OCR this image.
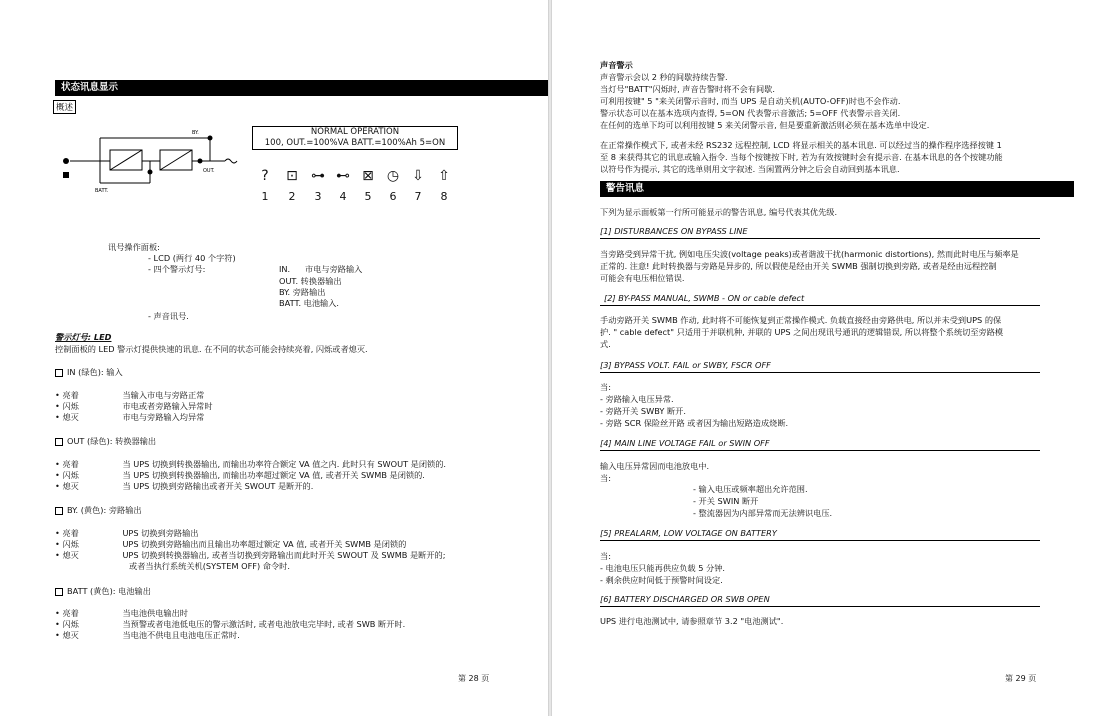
状态讯息显示
概述
BY.
OUT.
BATT.
NORMAL OPERATION
100, OUT.=100%VA BATT.=100%Ah 5=ON
?	⊡ ⊶ ⊷ ⊠ ◷ ⇩ ⇧
1	2	3	4	5	6	7	8
讯号操作面板:
- LCD (两行 40 个字符)
- 四个警示灯号:	IN. 市电与旁路输入
OUT. 转换器输出
BY. 旁路输出
BATT. 电池输入.
- 声音讯号.
警示灯号: LED
控制面板的 LED 警示灯提供快速的讯息. 在不同的状态可能会持续亮着, 闪烁或者熄灭.
IN (绿色): 输入
• 亮着	当输入市电与旁路正常
• 闪烁	市电或者旁路输入异常时
• 熄灭	市电与旁路输入均异常
OUT (绿色): 转换器输出
• 亮着	当 UPS 切换到转换器输出, 而输出功率符合额定 VA 值之内. 此时只有 SWOUT 是闭锁的.
• 闪烁	当 UPS 切换到转换器输出, 而输出功率超过额定 VA 值, 或者开关 SWMB 是闭锁的.
• 熄灭	当 UPS 切换到旁路输出或者开关 SWOUT 是断开的.
BY. (黄色): 旁路输出
• 亮着	UPS 切换到旁路输出
• 闪烁	UPS 切换到旁路输出而且输出功率超过额定 VA 值, 或者开关 SWMB 是闭锁的
• 熄灭	UPS 切换到转换器输出, 或者当切换到旁路输出而此时开关 SWOUT 及 SWMB 是断开的;
或者当执行系统关机(SYSTEM OFF) 命令时.
BATT (黄色): 电池输出
• 亮着	当电池供电输出时
• 闪烁	当预警或者电池低电压的警示激活时, 或者电池放电完毕时, 或者 SWB 断开时.
• 熄灭	当电池不供电且电池电压正常时.
第 28 页
声音警示
声音警示会以 2 秒的间歇持续告警.
当灯号"BATT"闪烁时, 声音告警时将不会有间歇.
可利用按键" 5 "来关闭警示音时, 而当 UPS 是自动关机(AUTO-OFF)时也不会作动.
警示状态可以在基本选项内查得, 5=ON 代表警示音激活; 5=OFF 代表警示音关闭.
在任何的选单下均可以利用按键 5 来关闭警示音, 但是要重新激活则必须在基本选单中设定.
在正常操作模式下, 或者未经 RS232 远程控制, LCD 将显示相关的基本讯息. 可以经过当的操作程序选择按键 1
至 8 来获得其它的讯息或输入指令. 当每个按键按下时, 若为有效按键时会有提示音. 在基本讯息的各个按键功能
以符号作为提示, 其它的选单则用文字叙述. 当闲置两分钟之后会自动回到基本讯息.
警告讯息
下列为显示面板第一行所可能显示的警告讯息, 编号代表其优先级.
[1] DISTURBANCES ON BYPASS LINE
当旁路受到异常干扰, 例如电压尖波(voltage peaks)或者谐波干扰(harmonic distortions), 然而此时电压与频率是
正常的. 注意! 此时转换器与旁路是异步的, 所以假使是经由开关 SWMB 强制切换到旁路, 或者是经由远程控制
可能会有电压相位错误.
[2] BY-PASS MANUAL, SWMB - ON or cable defect
手动旁路开关 SWMB 作动, 此时将不可能恢复到正常操作模式. 负载直接经由旁路供电, 所以并未受到UPS 的保
护. " cable defect" 只适用于并联机种, 并联的 UPS 之间出现讯号通讯的逻辑错误, 所以将整个系统切至旁路模
式.
[3] BYPASS VOLT. FAIL or SWBY, FSCR OFF
当:
- 旁路输入电压异常.
- 旁路开关 SWBY 断开.
- 旁路 SCR 保险丝开路 或者因为输出短路造成烧断.
[4] MAIN LINE VOLTAGE FAIL or SWIN OFF
输入电压异常因而电池放电中.
当:
- 输入电压或频率超出允许范围.
- 开关 SWIN 断开
- 整流器因为内部异常而无法辨识电压.
[5] PREALARM, LOW VOLTAGE ON BATTERY
当:
- 电池电压只能再供应负载 5 分钟.
- 剩余供应时间低于预警时间设定.
[6] BATTERY DISCHARGED OR SWB OPEN
UPS 进行电池测试中, 请参照章节 3.2 "电池测试".
第 29 页
